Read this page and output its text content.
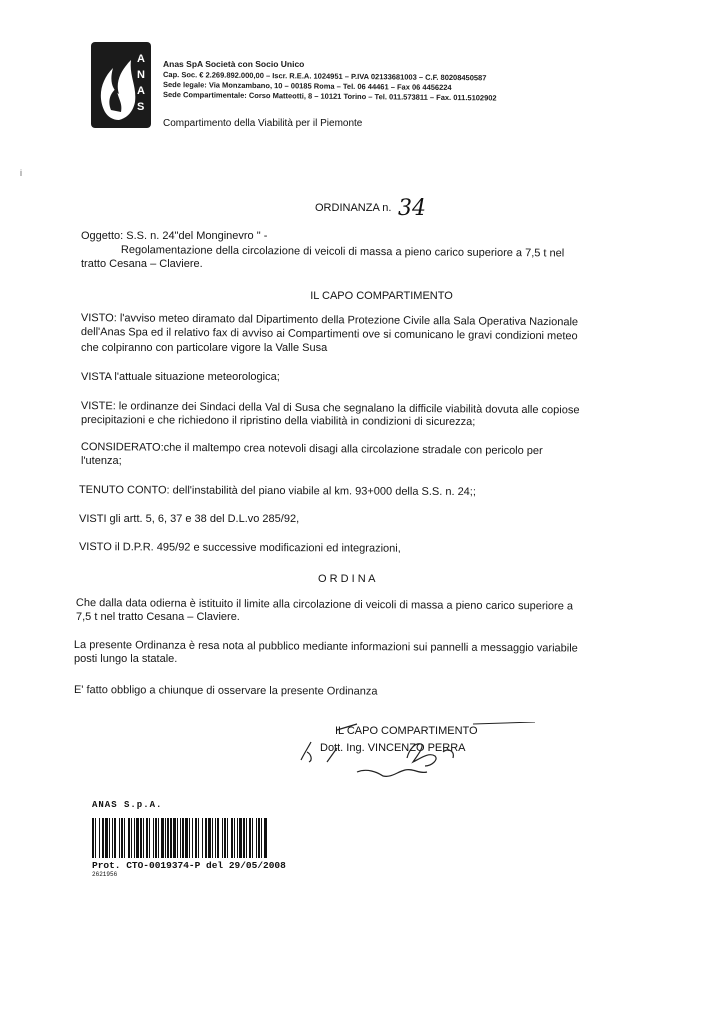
A
N
A
S
Anas SpA Società con Socio Unico
Cap. Soc. € 2.269.892.000,00 – Iscr. R.E.A. 1024951 – P.IVA 02133681003 – C.F. 80208450587
Sede legale: Via Monzambano, 10 – 00185 Roma – Tel. 06 44461 – Fax 06 4456224
Sede Compartimentale: Corso Matteotti, 8 – 10121 Torino – Tel. 011.573811 – Fax. 011.5102902
Compartimento della Viabilità per il Piemonte
i
ORDINANZA n. 34
Oggetto: S.S. n. 24"del Monginevro " -
Regolamentazione della circolazione di veicoli di massa a pieno carico superiore a 7,5 t nel
tratto Cesana – Claviere.
IL CAPO COMPARTIMENTO
VISTO: l'avviso meteo diramato dal Dipartimento della Protezione Civile alla Sala Operativa Nazionale
dell'Anas Spa ed il relativo fax di avviso ai Compartimenti ove si comunicano le gravi condizioni meteo
che colpiranno con particolare vigore la Valle Susa
VISTA l'attuale situazione meteorologica;
VISTE: le ordinanze dei Sindaci della Val di Susa che segnalano la difficile viabilità dovuta alle copiose
precipitazioni e che richiedono il ripristino della viabilità in condizioni di sicurezza;
CONSIDERATO:che il maltempo crea notevoli disagi alla circolazione stradale con pericolo per
l'utenza;
TENUTO CONTO: dell'instabilità del piano viabile al km. 93+000 della S.S. n. 24;;
VISTI gli artt. 5, 6, 37 e 38 del D.L.vo 285/92,
VISTO il D.P.R. 495/92 e successive modificazioni ed integrazioni,
O R D I N A
Che dalla data odierna è istituito il limite alla circolazione di veicoli di massa a pieno carico superiore a
7,5 t nel tratto Cesana – Claviere.
La presente Ordinanza è resa nota al pubblico mediante informazioni sui pannelli a messaggio variabile
posti lungo la statale.
E' fatto obbligo a chiunque di osservare la presente Ordinanza
IL CAPO COMPARTIMENTO
Dott. Ing. VINCENZO PERRA
ANAS S.p.A.
Prot. CTO-0019374-P del 29/05/2008
2621956
